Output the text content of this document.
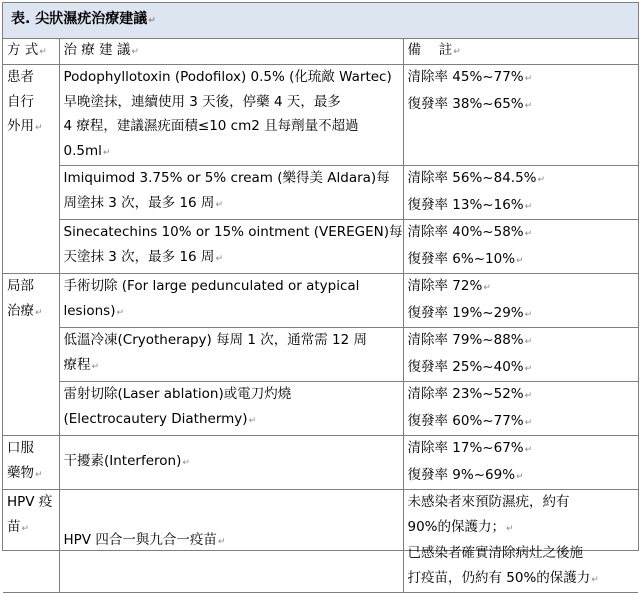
表. 尖狀濕疣治療建議↵		
方 式↵	治 療 建 議↵	備 　註↵

患者
自行
外用↵	Podophyllotoxin (Podofilox) 0.5% (化琉敵 Wartec)
早晚塗抹，連續使用 3 天後，停藥 4 天，最多
4 療程，建議濕疣面積≤10 cm2 且每劑量不超過
0.5ml↵	清除率 45%~77%↵
復發率 38%~65%↵

	Imiquimod 3.75% or 5% cream (樂得美 Aldara)每
周塗抹 3 次，最多 16 周↵	清除率 56%~84.5%↵
復發率 13%~16%↵

	Sinecatechins 10% or 15% ointment (VEREGEN)每
天塗抹 3 次，最多 16 周↵	清除率 40%~58%↵
復發率 6%~10%↵

局部
治療↵	手術切除 (For large pedunculated or atypical
lesions)↵	清除率 72%↵
復發率 19%~29%↵

	低溫冷凍(Cryotherapy) 每周 1 次，通常需 12 周
療程↵	清除率 79%~88%↵
復發率 25%~40%↵

	雷射切除(Laser ablation)或電刀灼燒
(Electrocautery Diathermy)↵	清除率 23%~52%↵
復發率 60%~77%↵

口服
藥物↵	干擾素(Interferon)↵	清除率 17%~67%↵
復發率 9%~69%↵

HPV 疫
苗↵	HPV 四合一與九合一疫苗↵	未感染者來預防濕疣，約有
90%的保護力；↵
已感染者確實清除病灶之後施
打疫苗，仍約有 50%的保護力↵
